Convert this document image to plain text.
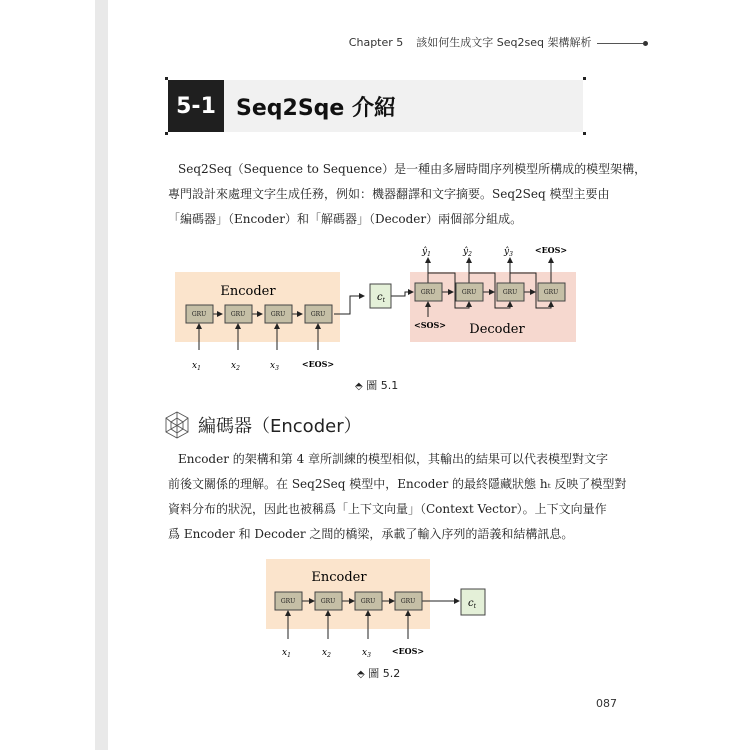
Chapter 5 該如何生成文字 Seq2seq 架構解析
5-1 Seq2Sqe 介紹

Seq2Seq（Sequence to Sequence）是一種由多層時間序列模型所構成的模型架構，

專門設計來處理文字生成任務，例如：機器翻譯和文字摘要。Seq2Seq 模型主要由

「編碼器」（Encoder）和「解碼器」（Decoder）兩個部分組成。

Encoder
Decoder
GRU	GRU	GRU	GRU
GRU	GRU	GRU	GRU
$c_t$
$x_1$	$x_2$	$x_3$	<EOS>
<SOS>
$ŷ_1$	$ŷ_2$	$ŷ_3$	<EOS>
⬘ 圖 5.1
編碼器（Encoder）

Encoder 的架構和第 4 章所訓練的模型相似，其輸出的結果可以代表模型對文字

前後文關係的理解。在 Seq2Seq 模型中，Encoder 的最終隱藏狀態 hₜ 反映了模型對

資料分布的狀況，因此也被稱爲「上下文向量」（Context Vector）。上下文向量作

爲 Encoder 和 Decoder 之間的橋梁，承載了輸入序列的語義和結構訊息。

Encoder
GRU	GRU	GRU	GRU	$c_t$
$x_1$	$x_2$	$x_3$	<EOS>
⬘ 圖 5.2
087
